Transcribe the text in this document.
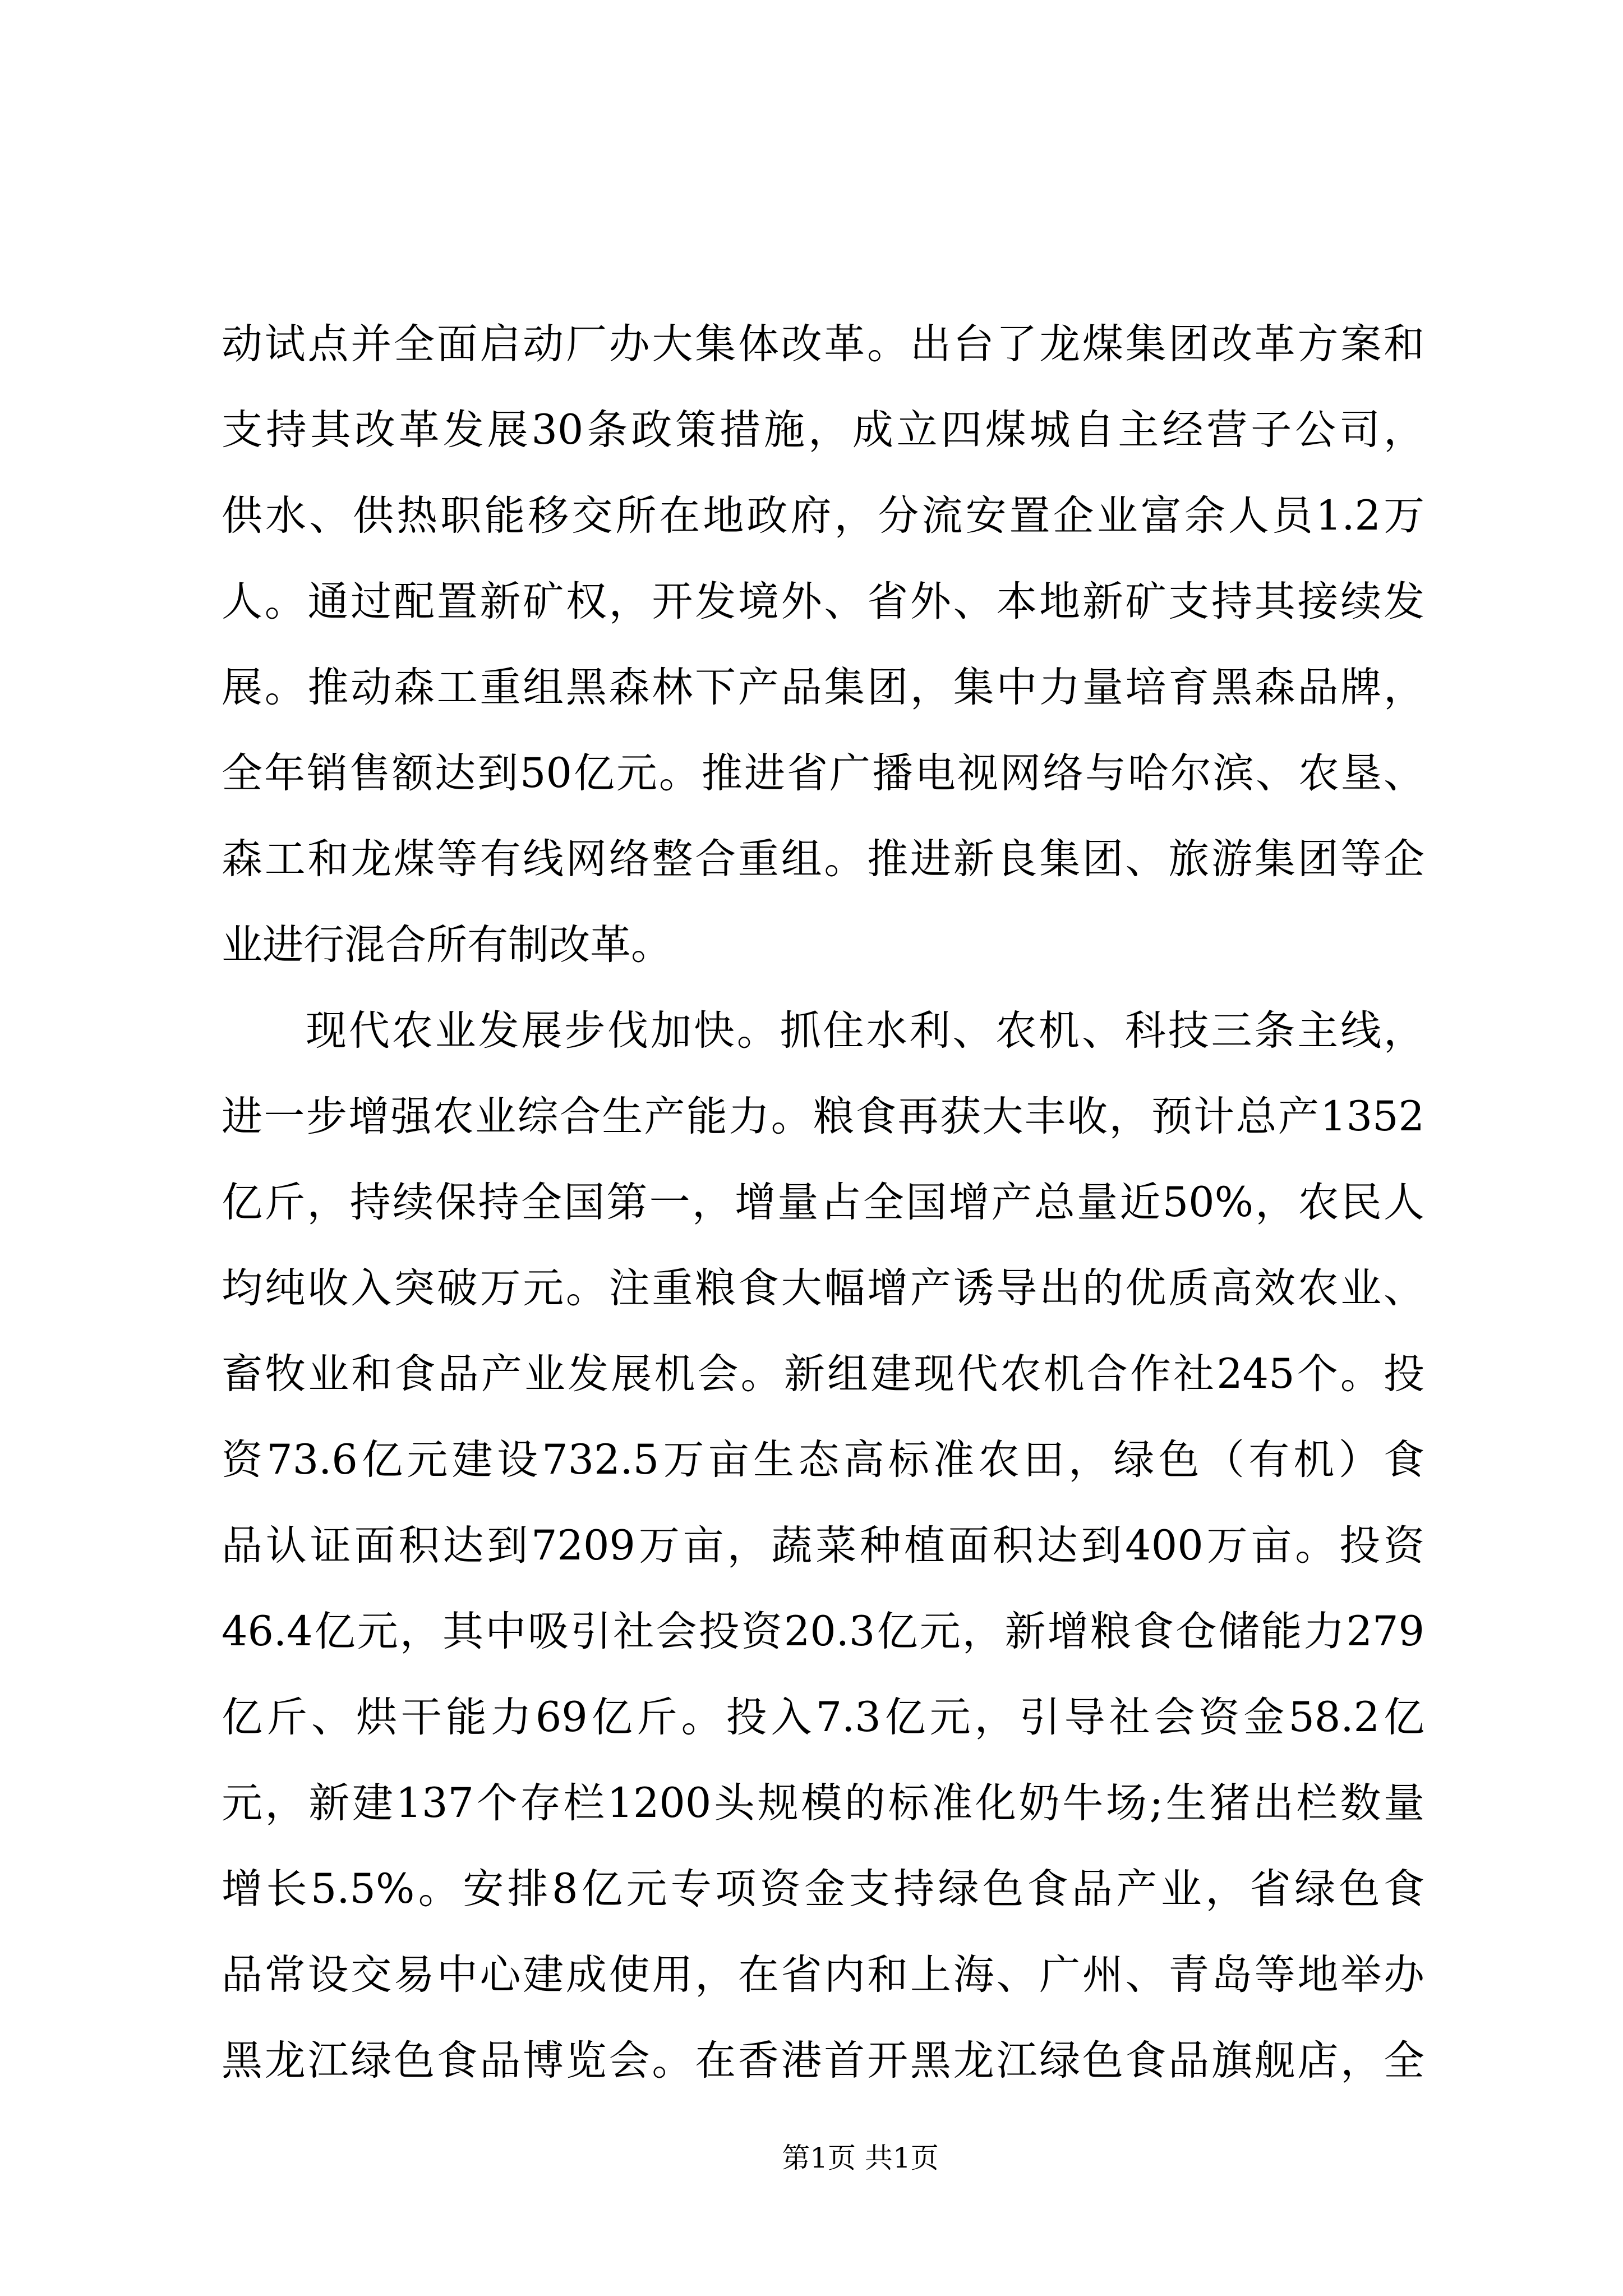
动试点并全面启动厂办大集体改革。出台了龙煤集团改革方案和
支持其改革发展30条政策措施，成立四煤城自主经营子公司，
供水、供热职能移交所在地政府，分流安置企业富余人员1.2万
人。通过配置新矿权，开发境外、省外、本地新矿支持其接续发
展。推动森工重组黑森林下产品集团，集中力量培育黑森品牌，
全年销售额达到50亿元。推进省广播电视网络与哈尔滨、农垦、
森工和龙煤等有线网络整合重组。推进新良集团、旅游集团等企
业进行混合所有制改革。
现代农业发展步伐加快。抓住水利、农机、科技三条主线，
进一步增强农业综合生产能力。粮食再获大丰收，预计总产1352
亿斤，持续保持全国第一，增量占全国增产总量近50%，农民人
均纯收入突破万元。注重粮食大幅增产诱导出的优质高效农业、
畜牧业和食品产业发展机会。新组建现代农机合作社245个。投
资73.6亿元建设732.5万亩生态高标准农田，绿色（有机）食
品认证面积达到7209万亩，蔬菜种植面积达到400万亩。投资
46.4亿元，其中吸引社会投资20.3亿元，新增粮食仓储能力279
亿斤、烘干能力69亿斤。投入7.3亿元，引导社会资金58.2亿
元，新建137个存栏1200头规模的标准化奶牛场;生猪出栏数量
增长5.5%。安排8亿元专项资金支持绿色食品产业，省绿色食
品常设交易中心建成使用，在省内和上海、广州、青岛等地举办
黑龙江绿色食品博览会。在香港首开黑龙江绿色食品旗舰店，全
第1页 共1页
